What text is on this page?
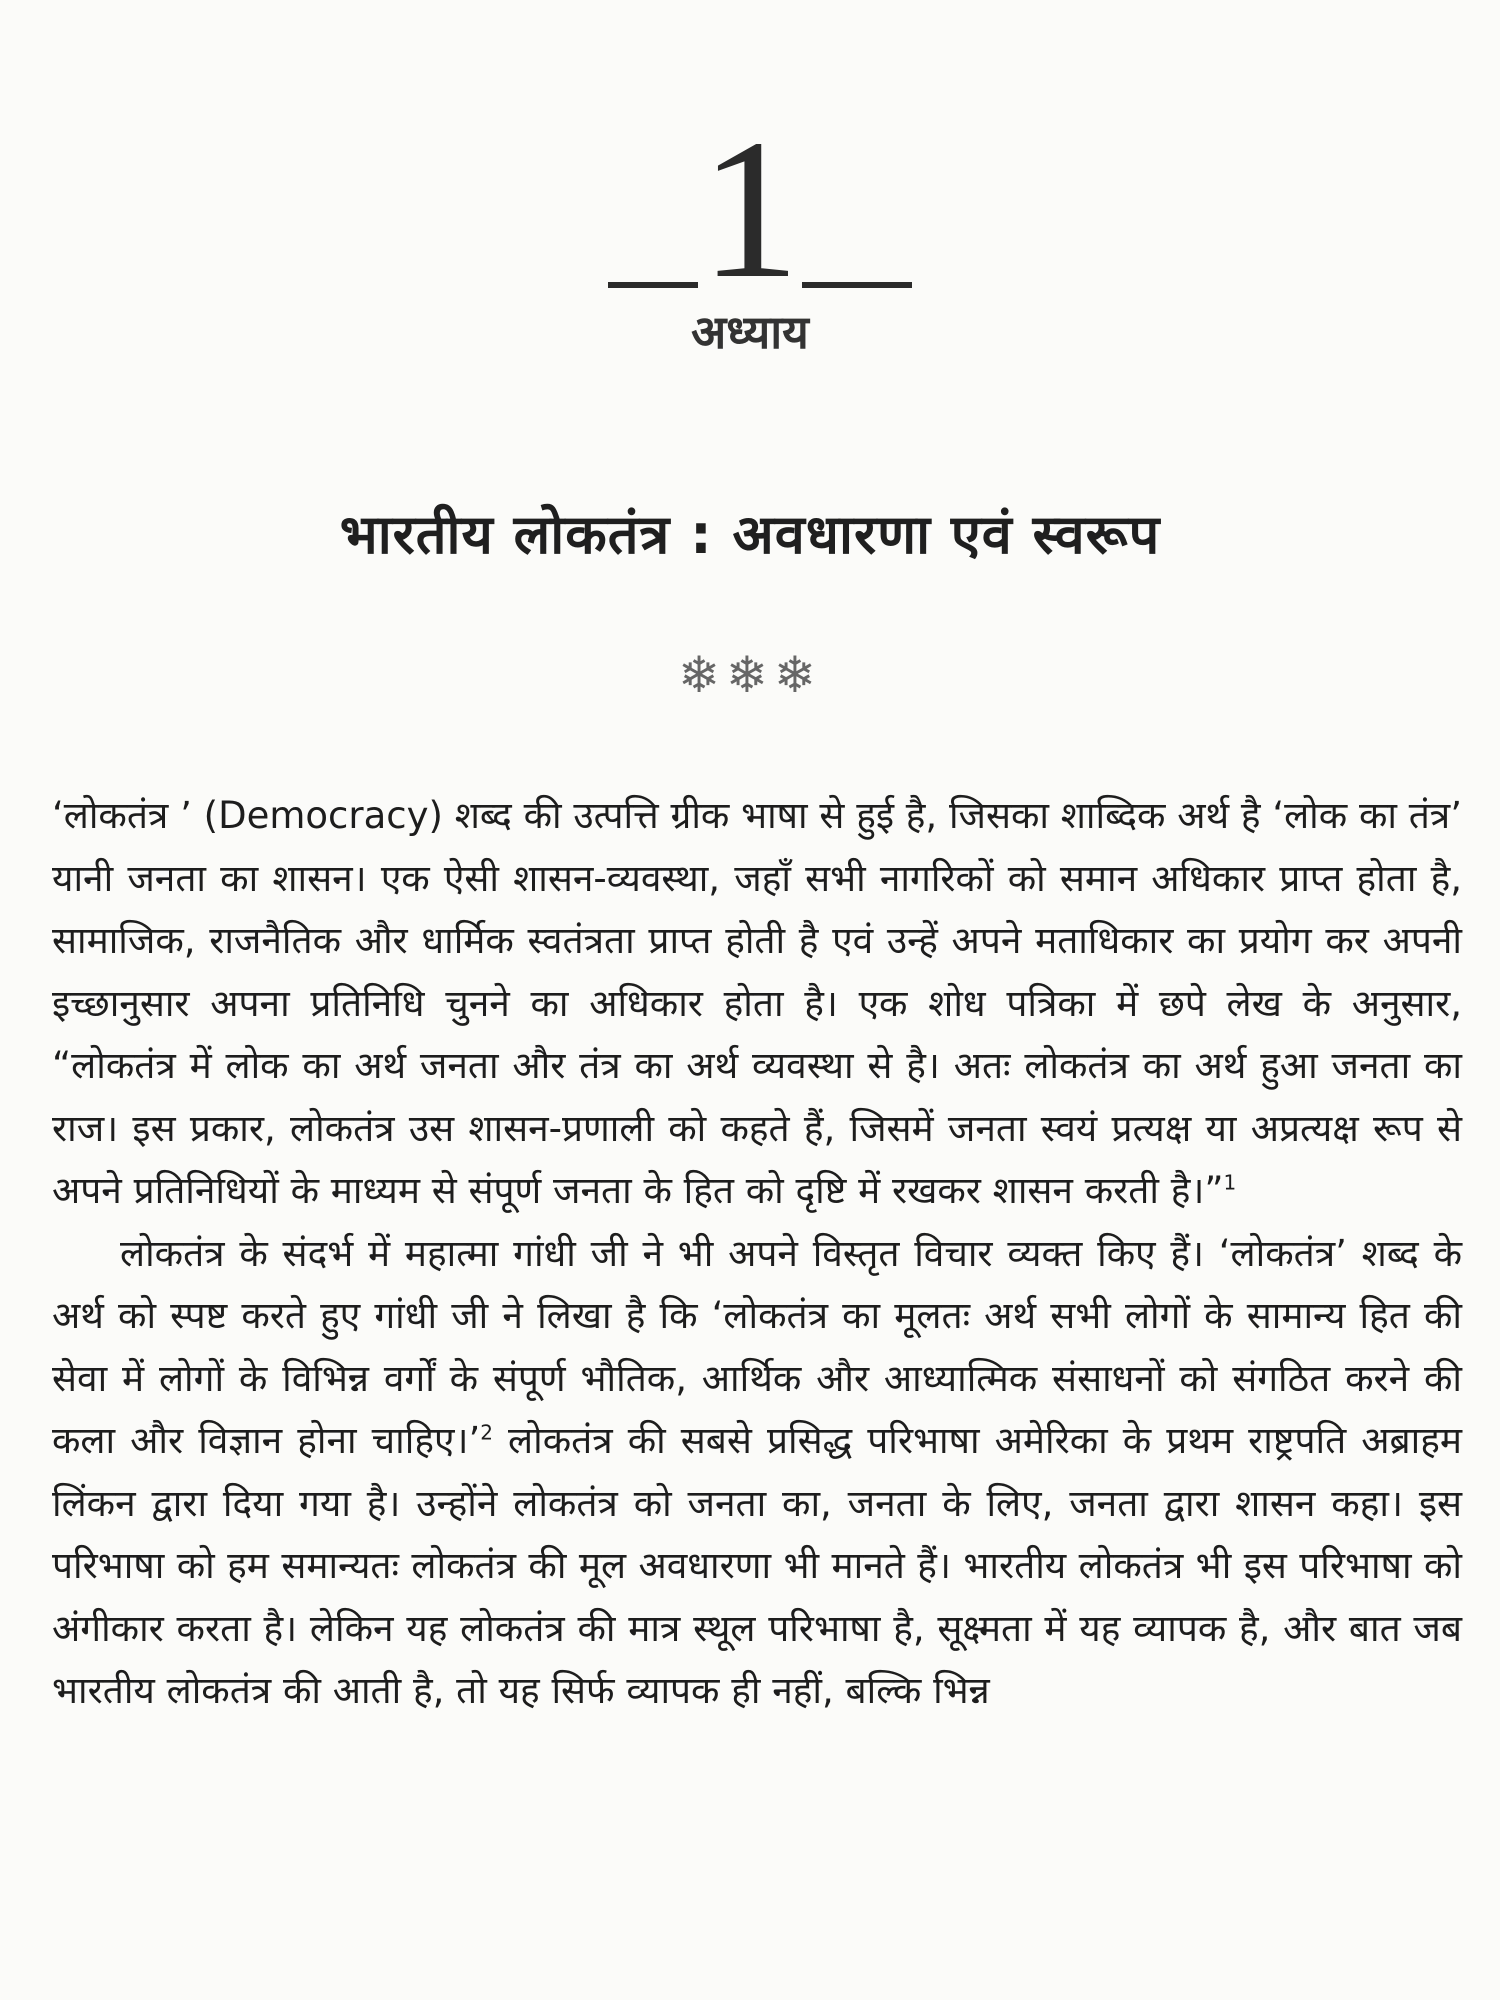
1
अध्याय
भारतीय लोकतंत्र : अवधारणा एवं स्वरूप
❄❄❄

‘लोकतंत्र ’ (Democracy) शब्द की उत्पत्ति ग्रीक भाषा से हुई है, जिसका शाब्दिक अर्थ है ‘लोक का तंत्र’ यानी जनता का शासन। एक ऐसी शासन-व्यवस्था, जहाँ सभी नागरिकों को समान अधिकार प्राप्त होता है, सामाजिक, राजनैतिक और धार्मिक स्वतंत्रता प्राप्त होती है एवं उन्हें अपने मताधिकार का प्रयोग कर अपनी इच्छानुसार अपना प्रतिनिधि चुनने का अधिकार होता है। एक शोध पत्रिका में छपे लेख के अनुसार, “लोकतंत्र में लोक का अर्थ जनता और तंत्र का अर्थ व्यवस्था से है। अतः लोकतंत्र का अर्थ हुआ जनता का राज। इस प्रकार, लोकतंत्र उस शासन-प्रणाली को कहते हैं, जिसमें जनता स्वयं प्रत्यक्ष या अप्रत्यक्ष रूप से अपने प्रतिनिधियों के माध्यम से संपूर्ण जनता के हित को दृष्टि में रखकर शासन करती है।”$^1$

लोकतंत्र के संदर्भ में महात्मा गांधी जी ने भी अपने विस्तृत विचार व्यक्त किए हैं। ‘लोकतंत्र’ शब्द के अर्थ को स्पष्ट करते हुए गांधी जी ने लिखा है कि ‘लोकतंत्र का मूलतः अर्थ सभी लोगों के सामान्य हित की सेवा में लोगों के विभिन्न वर्गों के संपूर्ण भौतिक, आर्थिक और आध्यात्मिक संसाधनों को संगठित करने की कला और विज्ञान होना चाहिए।’$^2$ लोकतंत्र की सबसे प्रसिद्ध परिभाषा अमेरिका के प्रथम राष्ट्रपति अब्राहम लिंकन द्वारा दिया गया है। उन्होंने लोकतंत्र को जनता का, जनता के लिए, जनता द्वारा शासन कहा। इस परिभाषा को हम समान्यतः लोकतंत्र की मूल अवधारणा भी मानते हैं। भारतीय लोकतंत्र भी इस परिभाषा को अंगीकार करता है। लेकिन यह लोकतंत्र की मात्र स्थूल परिभाषा है, सूक्ष्मता में यह व्यापक है, और बात जब भारतीय लोकतंत्र की आती है, तो यह सिर्फ व्यापक ही नहीं, बल्कि भिन्न
